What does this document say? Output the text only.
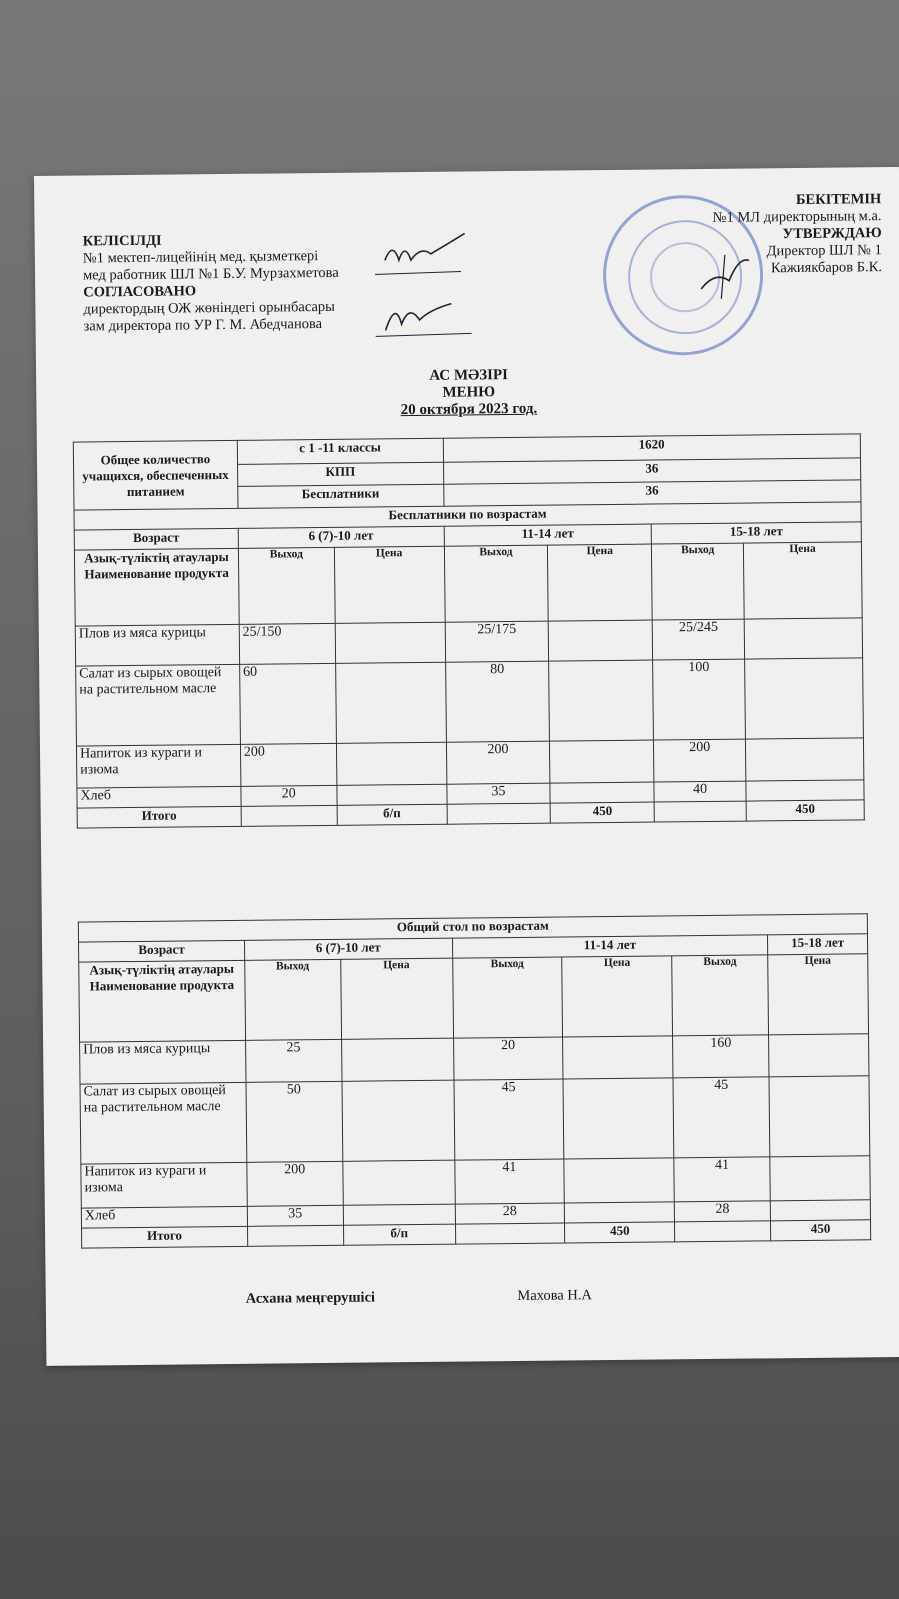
КЕЛІСІЛДІ
№1 мектеп-лицейінің мед. қызметкері
мед работник ШЛ №1 Б.У. Мурзахметова
СОГЛАСОВАНО
директордың ОЖ жөніндегі орынбасары
зам директора по УР Г. М. Абедчанова
БЕКІТЕМІН
№1 МЛ директорының м.а.
УТВЕРЖДАЮ
Директор ШЛ № 1
Кажиякбаров Б.К.
АС МӘЗІРІ
МЕНЮ
20 октября 2023 год.
Общее количество учащихся, обеспеченных питанием	с 1 -11 классы		1620			
	КПП		36			
	Бесплатники		36			
Бесплатники по возрастам						
Возраст	6 (7)-10 лет		11-14 лет		15-18 лет	
Азық-түліктің атаулары Наименование продукта	Выход	Цена	Выход	Цена	Выход	Цена
Плов из мяса курицы	25/150		25/175		25/245	
Салат из сырых овощей на растительном масле	60		80		100	
Напиток из кураги и изюма	200		200		200	
Хлеб	20		35		40	
Итого		б/п		450		450
Общий стол по возрастам						
Возраст	6 (7)-10 лет		11-14 лет			15-18 лет
Азық-түліктің атаулары Наименование продукта	Выход	Цена	Выход	Цена	Выход	Цена
Плов из мяса курицы	25		20		160	
Салат из сырых овощей на растительном масле	50		45		45	
Напиток из кураги и изюма	200		41		41	
Хлеб	35		28		28	
Итого		б/п		450		450
Асхана меңгерушісі	Махова Н.А
